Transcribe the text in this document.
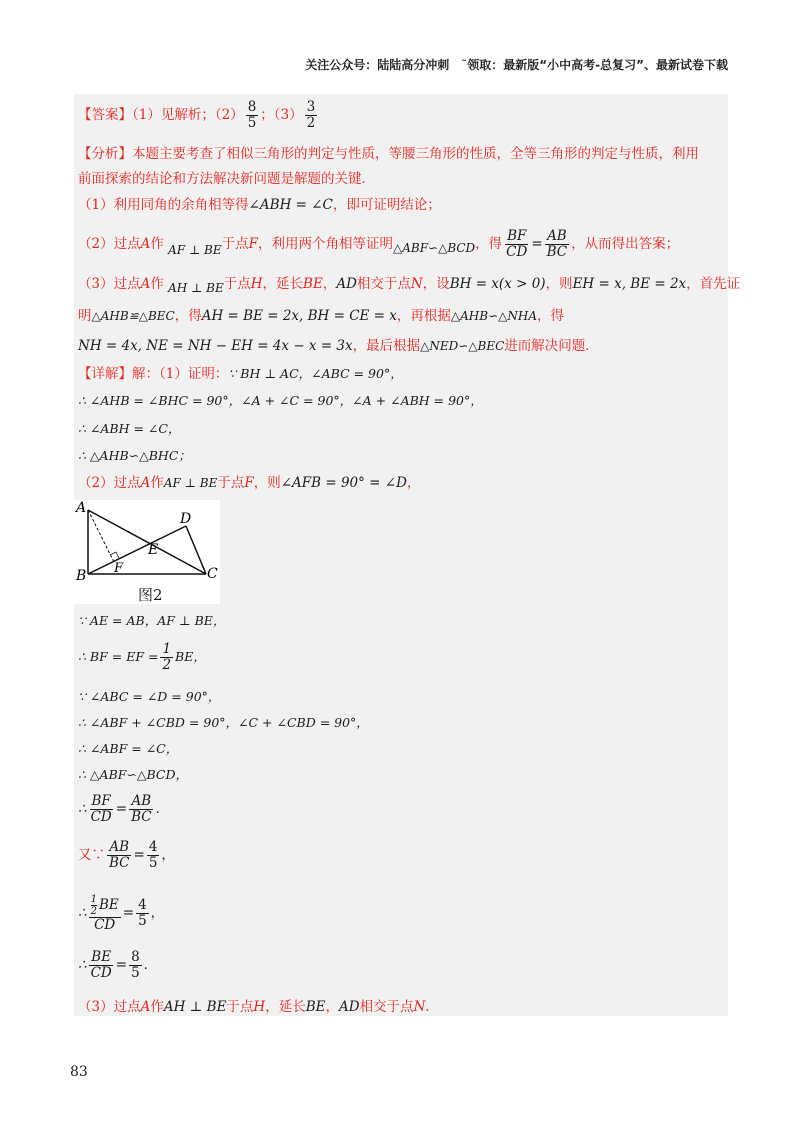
关注公众号：陆陆高分冲刺　˜领取：最新版“小中高考-总复习”、最新试卷下载
【答案】（1）见解析；$(2) \frac{8}{5}$ ；$(3) \frac{3}{2}$
【分析】本题主要考查了相似三角形的判定与性质，等腰三角形的性质，全等三角形的判定与性质，利用
前面探索的结论和方法解决新问题是解题的关键．
（1）利用同角的余角相等得∠ABH = ∠C，即可证明结论；
（2）过点A作 AF ⊥ BE于点F，利用两个角相等证明△ABF∽△BCD，得 $\frac{BF}{CD} = \frac{AB}{BC}$ ，从而得出答案；
（3）过点A作 AH ⊥ BE于点H，延长BE，AD相交于点N，设BH = x(x > 0)，则EH = x, BE = 2x，首先证
明△AHB≌△BEC，得AH = BE = 2x, BH = CE = x，再根据△AHB∽△NHA，得
NH = 4x, NE = NH − EH = 4x − x = 3x，最后根据△NED∽△BEC进而解决问题．
【详解】解：（1）证明：∵ BH ⊥ AC，∠ABC = 90°，
∴ ∠AHB = ∠BHC = 90°，∠A + ∠C = 90°，∠A + ∠ABH = 90°，
∴ ∠ABH = ∠C，
∴ △AHB∽△BHC；
（2）过点A作AF ⊥ BE于点F，则∠AFB = 90° = ∠D，
A
B	C
D
E
F
图2
∵ AE = AB，AF ⊥ BE，
∴ BF = EF = $\frac{1}{2}$ BE，
∵ ∠ABC = ∠D = 90°，
∴ ∠ABF + ∠CBD = 90°，∠C + ∠CBD = 90°，
∴ ∠ABF = ∠C，
∴ △ABF∽△BCD，
∴ $\frac{BF}{CD} = \frac{AB}{BC}$ ．
又∵ $\frac{AB}{BC} = \frac{4}{5}$ ，
∴ 1
2 BE
CD = $\frac{4}{5}$ ，
∴ $\frac{BE}{CD} = \frac{8}{5}$ ．
（3）过点A作AH ⊥ BE于点H，延长BE，AD相交于点N．
83
